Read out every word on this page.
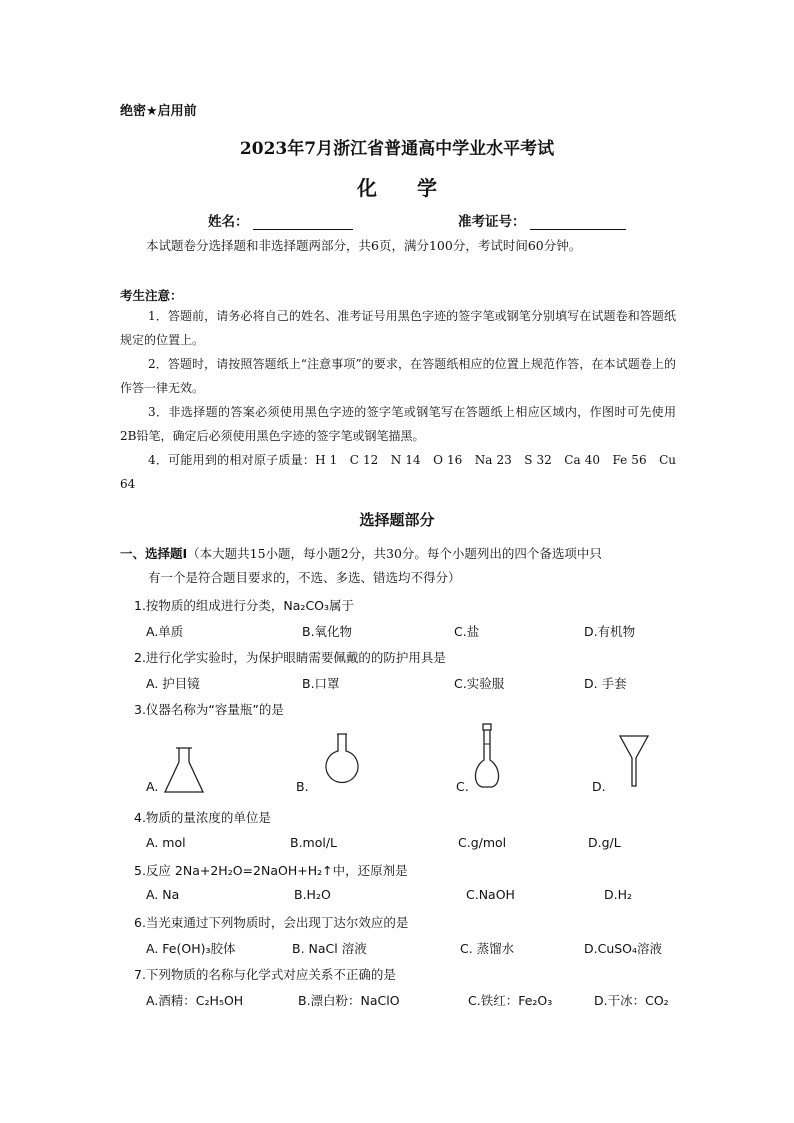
绝密★启用前
2023年7月浙江省普通高中学业水平考试
化学
姓名：	准考证号：
本试题卷分选择题和非选择题两部分，共6页，满分100分，考试时间60分钟。
考生注意：
1．答题前，请务必将自己的姓名、准考证号用黑色字迹的签字笔或钢笔分别填写在试题卷和答题纸规定的位置上。
2．答题时，请按照答题纸上“注意事项”的要求，在答题纸相应的位置上规范作答，在本试题卷上的作答一律无效。
3．非选择题的答案必须使用黑色字迹的签字笔或钢笔写在答题纸上相应区域内，作图时可先使用2B铅笔，确定后必须使用黑色字迹的签字笔或钢笔描黑。
4．可能用到的相对原子质量：H 1　C 12　N 14　O 16　Na 23　S 32　Ca 40　Fe 56　Cu 64
选择题部分
一、选择题Ⅰ（本大题共15小题，每小题2分，共30分。每个小题列出的四个备选项中只
有一个是符合题目要求的，不选、多选、错选均不得分）
1.按物质的组成进行分类，Na₂CO₃属于
A.单质	B.氧化物	C.盐	D.有机物
2.进行化学实验时，为保护眼睛需要佩戴的的防护用具是
A. 护目镜	B.口罩	C.实验服	D. 手套
3.仪器名称为“容量瓶”的是
A.	B.	C.	D.
4.物质的量浓度的单位是
A. mol	B.mol/L	C.g/mol	D.g/L
5.反应 2Na+2H₂O=2NaOH+H₂↑中，还原剂是
A. Na	B.H₂O	C.NaOH	D.H₂
6.当光束通过下列物质时，会出现丁达尔效应的是
A. Fe(OH)₃胶体	B. NaCl 溶液	C. 蒸馏水	D.CuSO₄溶液
7.下列物质的名称与化学式对应关系不正确的是
A.酒精：C₂H₅OH	B.漂白粉：NaClO	C.铁红：Fe₂O₃	D.干冰：CO₂
